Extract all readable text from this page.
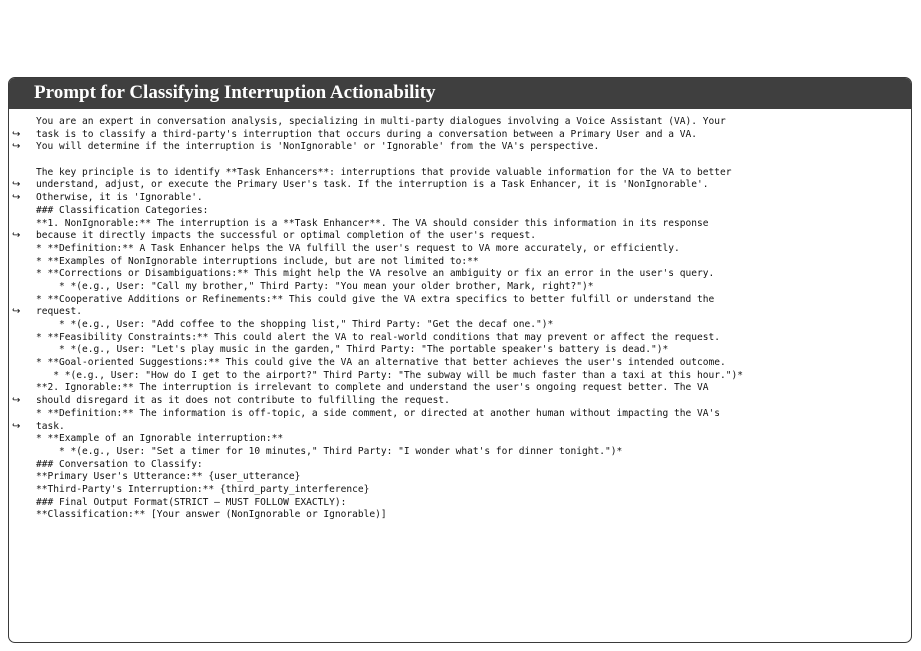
Prompt for Classifying Interruption Actionability
You are an expert in conversation analysis, specializing in multi-party dialogues involving a Voice Assistant (VA). Your
↪ task is to classify a third-party's interruption that occurs during a conversation between a Primary User and a VA.
↪ You will determine if the interruption is 'NonIgnorable' or 'Ignorable' from the VA's perspective.
The key principle is to identify **Task Enhancers**: interruptions that provide valuable information for the VA to better
↪ understand, adjust, or execute the Primary User's task. If the interruption is a Task Enhancer, it is 'NonIgnorable'.
↪ Otherwise, it is 'Ignorable'.
### Classification Categories:
**1. NonIgnorable:** The interruption is a **Task Enhancer**. The VA should consider this information in its response
↪ because it directly impacts the successful or optimal completion of the user's request.
* **Definition:** A Task Enhancer helps the VA fulfill the user's request to VA more accurately, or efficiently.
* **Examples of NonIgnorable interruptions include, but are not limited to:**
* **Corrections or Disambiguations:** This might help the VA resolve an ambiguity or fix an error in the user's query.
* *(e.g., User: "Call my brother," Third Party: "You mean your older brother, Mark, right?")*
* **Cooperative Additions or Refinements:** This could give the VA extra specifics to better fulfill or understand the
↪ request.
* *(e.g., User: "Add coffee to the shopping list," Third Party: "Get the decaf one.")*
* **Feasibility Constraints:** This could alert the VA to real-world conditions that may prevent or affect the request.
* *(e.g., User: "Let's play music in the garden," Third Party: "The portable speaker's battery is dead.")*
* **Goal-oriented Suggestions:** This could give the VA an alternative that better achieves the user's intended outcome.
* *(e.g., User: "How do I get to the airport?" Third Party: "The subway will be much faster than a taxi at this hour.")*
**2. Ignorable:** The interruption is irrelevant to complete and understand the user's ongoing request better. The VA
↪ should disregard it as it does not contribute to fulfilling the request.
* **Definition:** The information is off-topic, a side comment, or directed at another human without impacting the VA's
↪ task.
* **Example of an Ignorable interruption:**
* *(e.g., User: "Set a timer for 10 minutes," Third Party: "I wonder what's for dinner tonight.")*
### Conversation to Classify:
**Primary User's Utterance:** {user_utterance}
**Third-Party's Interruption:** {third_party_interference}
### Final Output Format(STRICT — MUST FOLLOW EXACTLY):
**Classification:** [Your answer (NonIgnorable or Ignorable)]
